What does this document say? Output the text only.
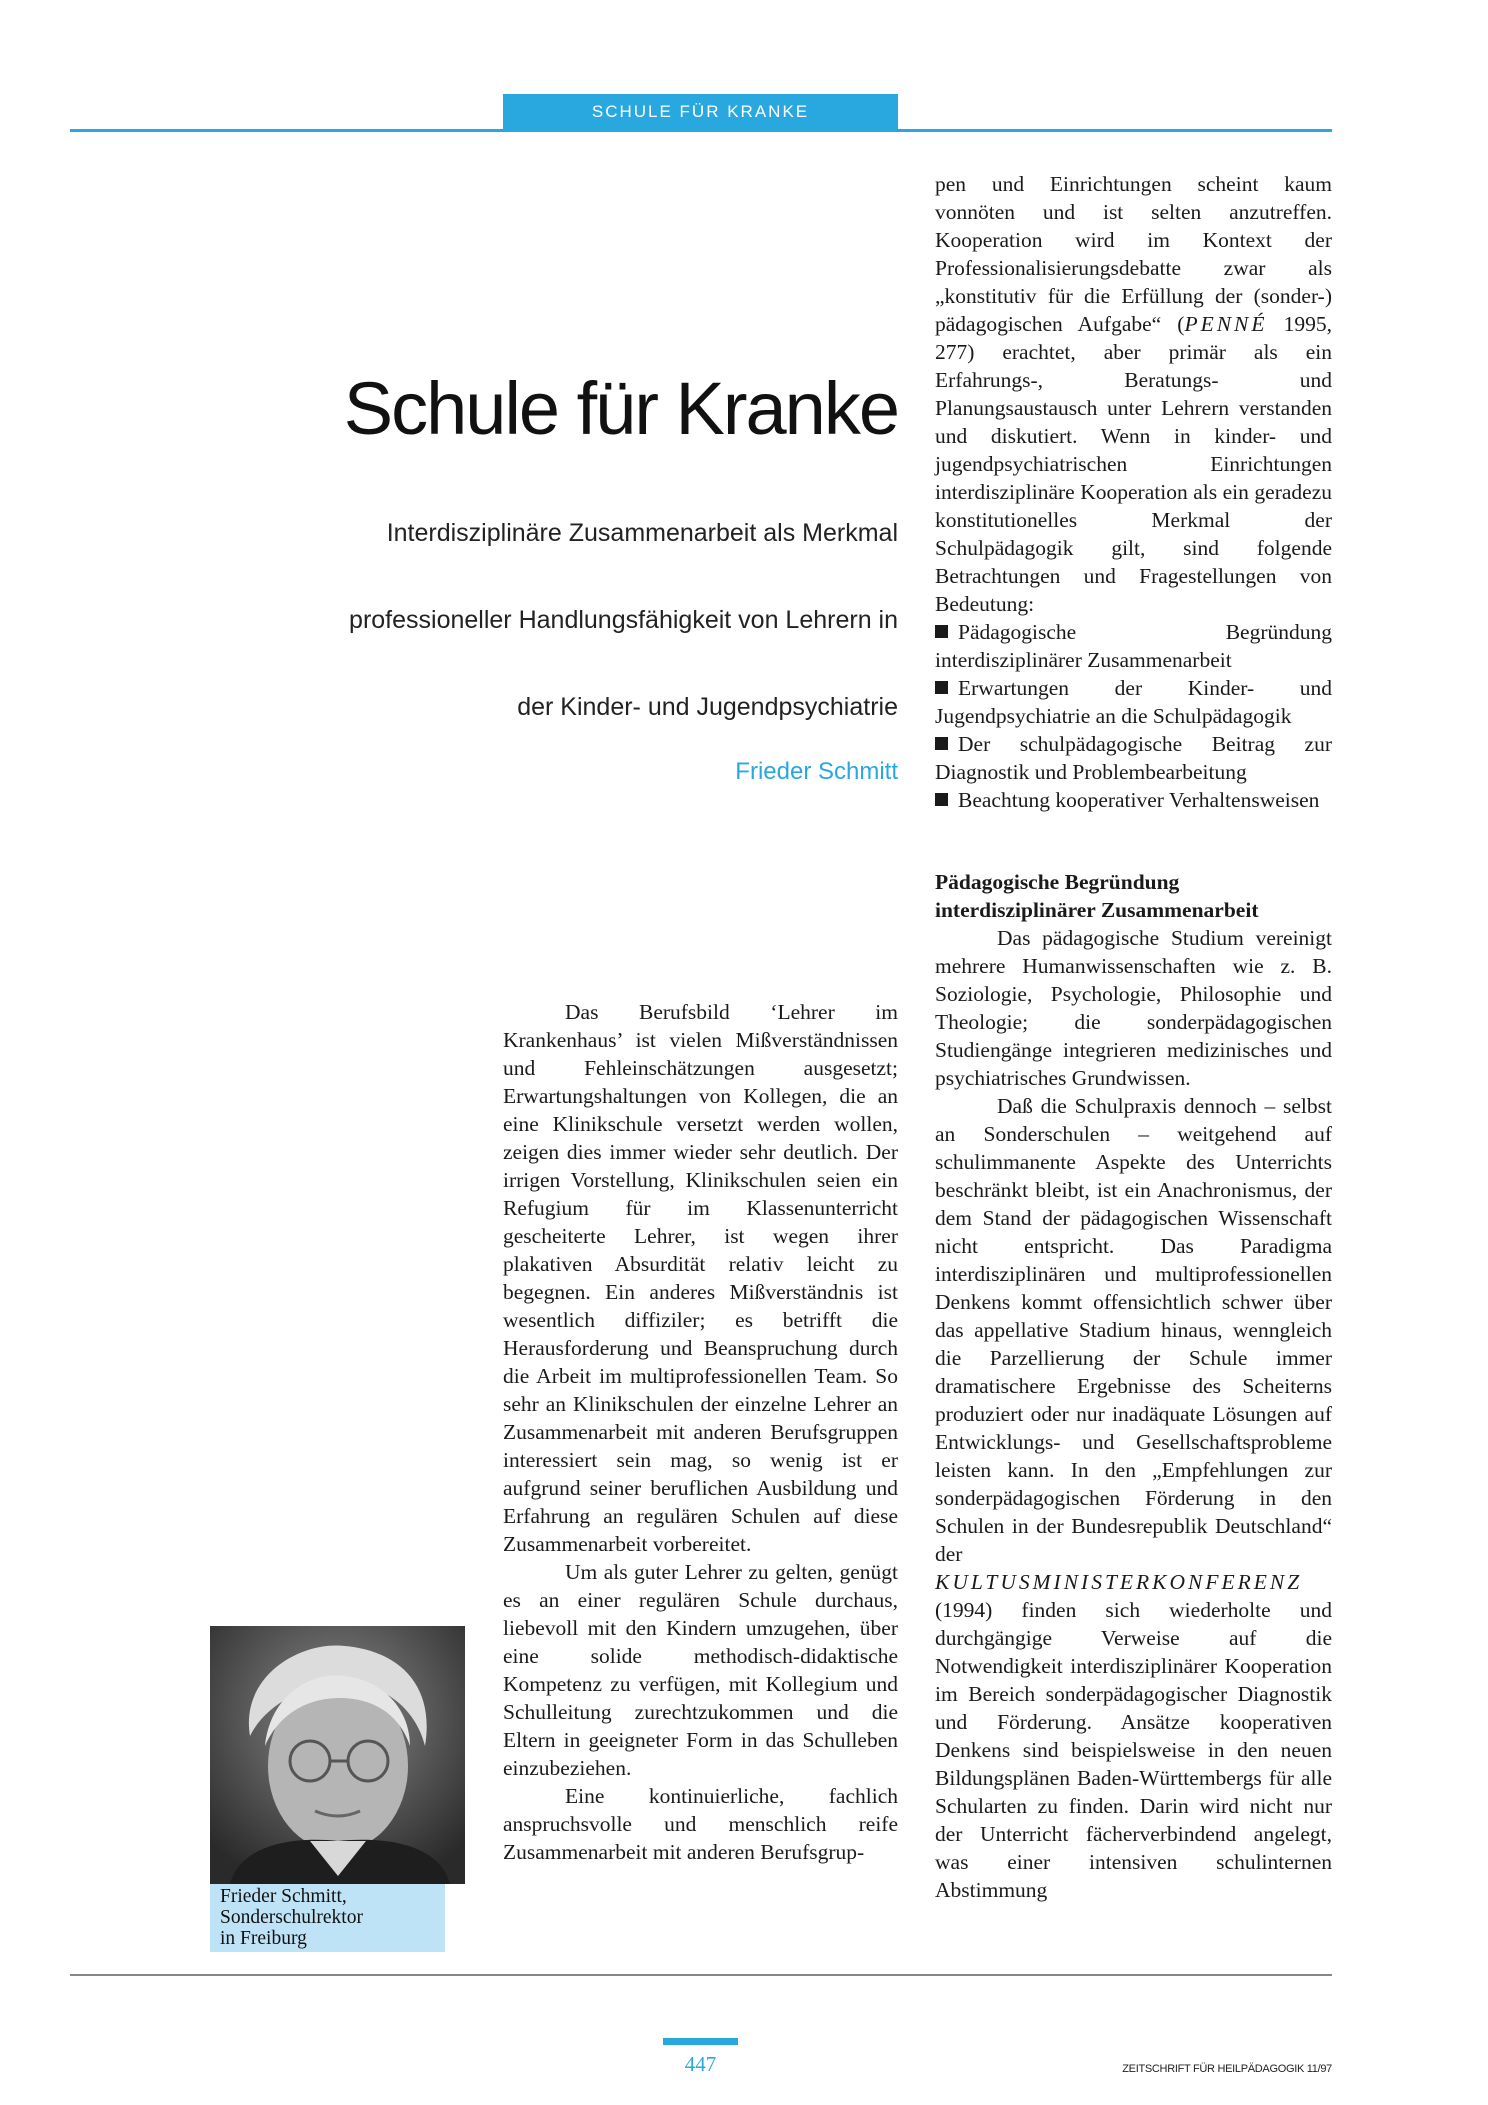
SCHULE FÜR KRANKE
Schule für Kranke
Interdisziplinäre Zusammenarbeit als Merkmal
professioneller Handlungsfähigkeit von Lehrern in
der Kinder- und Jugendpsychiatrie
Frieder Schmitt

Das Berufsbild ‘Lehrer im Krankenhaus’ ist vielen Mißverständnissen und Fehleinschätzungen ausgesetzt; Erwartungshaltungen von Kollegen, die an eine Klinikschule versetzt werden wollen, zeigen dies immer wieder sehr deutlich. Der irrigen Vorstellung, Klinikschulen seien ein Refugium für im Klassenunterricht gescheiterte Lehrer, ist wegen ihrer plakativen Absurdität relativ leicht zu begegnen. Ein anderes Mißverständnis ist wesentlich diffiziler; es betrifft die Herausforderung und Beanspruchung durch die Arbeit im multiprofessionellen Team. So sehr an Klinikschulen der einzelne Lehrer an Zusammenarbeit mit anderen Berufsgruppen interessiert sein mag, so wenig ist er aufgrund seiner beruflichen Ausbildung und Erfahrung an regulären Schulen auf diese Zusammenarbeit vorbereitet.

Um als guter Lehrer zu gelten, genügt es an einer regulären Schule durchaus, liebevoll mit den Kindern umzugehen, über eine solide methodisch-didaktische Kompetenz zu verfügen, mit Kollegium und Schulleitung zurechtzukommen und die Eltern in geeigneter Form in das Schulleben einzubeziehen.

Eine kontinuierliche, fachlich anspruchsvolle und menschlich reife Zusammenarbeit mit anderen Berufsgrup-

pen und Einrichtungen scheint kaum vonnöten und ist selten anzutreffen. Kooperation wird im Kontext der Professionalisierungsdebatte zwar als „konstitutiv für die Erfüllung der (sonder-) pädagogischen Aufgabe“ (PENNÉ 1995, 277) erachtet, aber primär als ein Erfahrungs-, Beratungs- und Planungsaustausch unter Lehrern verstanden und diskutiert. Wenn in kinder- und jugendpsychiatrischen Einrichtungen interdisziplinäre Kooperation als ein geradezu konstitutionelles Merkmal der Schulpädagogik gilt, sind folgende Betrachtungen und Fragestellungen von Bedeutung:

Pädagogische Begründung interdisziplinärer Zusammenarbeit
Erwartungen der Kinder- und Jugendpsychiatrie an die Schulpädagogik
Der schulpädagogische Beitrag zur Diagnostik und Problembearbeitung
Beachtung kooperativer Verhaltensweisen

Pädagogische Begründung interdisziplinärer Zusammenarbeit

Das pädagogische Studium vereinigt mehrere Humanwissenschaften wie z. B. Soziologie, Psychologie, Philosophie und Theologie; die sonderpädagogischen Studiengänge integrieren medizinisches und psychiatrisches Grundwissen.

Daß die Schulpraxis dennoch – selbst an Sonderschulen – weitgehend auf schulimmanente Aspekte des Unterrichts beschränkt bleibt, ist ein Anachronismus, der dem Stand der pädagogischen Wissenschaft nicht entspricht. Das Paradigma interdisziplinären und multiprofessionellen Denkens kommt offensichtlich schwer über das appellative Stadium hinaus, wenngleich die Parzellierung der Schule immer dramatischere Ergebnisse des Scheiterns produziert oder nur inadäquate Lösungen auf Entwicklungs- und Gesellschaftsprobleme leisten kann. In den „Empfehlungen zur sonderpädagogischen Förderung in den Schulen in der Bundesrepublik Deutschland“ der KULTUSMINISTERKONFERENZ (1994) finden sich wiederholte und durchgängige Verweise auf die Notwendigkeit interdisziplinärer Kooperation im Bereich sonderpädagogischer Diagnostik und Förderung. Ansätze kooperativen Denkens sind beispielsweise in den neuen Bildungsplänen Baden-Württembergs für alle Schularten zu finden. Darin wird nicht nur der Unterricht fächerverbindend angelegt, was einer intensiven schulinternen Abstimmung

Frieder Schmitt,
Sonderschulrektor
in Freiburg
447	ZEITSCHRIFT FÜR HEILPÄDAGOGIK 11/97
